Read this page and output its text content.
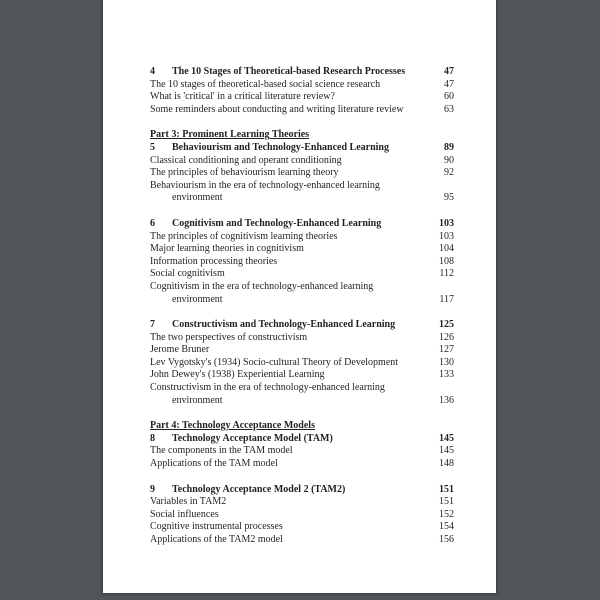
4 The 10 Stages of Theoretical-based Research Processes	47
The 10 stages of theoretical-based social science research	47
What is 'critical' in a critical literature review?	60
Some reminders about conducting and writing literature review	63
Part 3: Prominent Learning Theories
5 Behaviourism and Technology-Enhanced Learning	89
Classical conditioning and operant conditioning	90
The principles of behaviourism learning theory	92
Behaviourism in the era of technology-enhanced learning
environment	95
6 Cognitivism and Technology-Enhanced Learning	103
The principles of cognitivism learning theories	103
Major learning theories in cognitivism	104
Information processing theories	108
Social cognitivism	112
Cognitivism in the era of technology-enhanced learning
environment	117
7 Constructivism and Technology-Enhanced Learning	125
The two perspectives of constructivism	126
Jerome Bruner	127
Lev Vygotsky's (1934) Socio-cultural Theory of Development	130
John Dewey's (1938) Experiential Learning	133
Constructivism in the era of technology-enhanced learning
environment	136
Part 4: Technology Acceptance Models
8 Technology Acceptance Model (TAM)	145
The components in the TAM model	145
Applications of the TAM model	148
9 Technology Acceptance Model 2 (TAM2)	151
Variables in TAM2	151
Social influences	152
Cognitive instrumental processes	154
Applications of the TAM2 model	156
